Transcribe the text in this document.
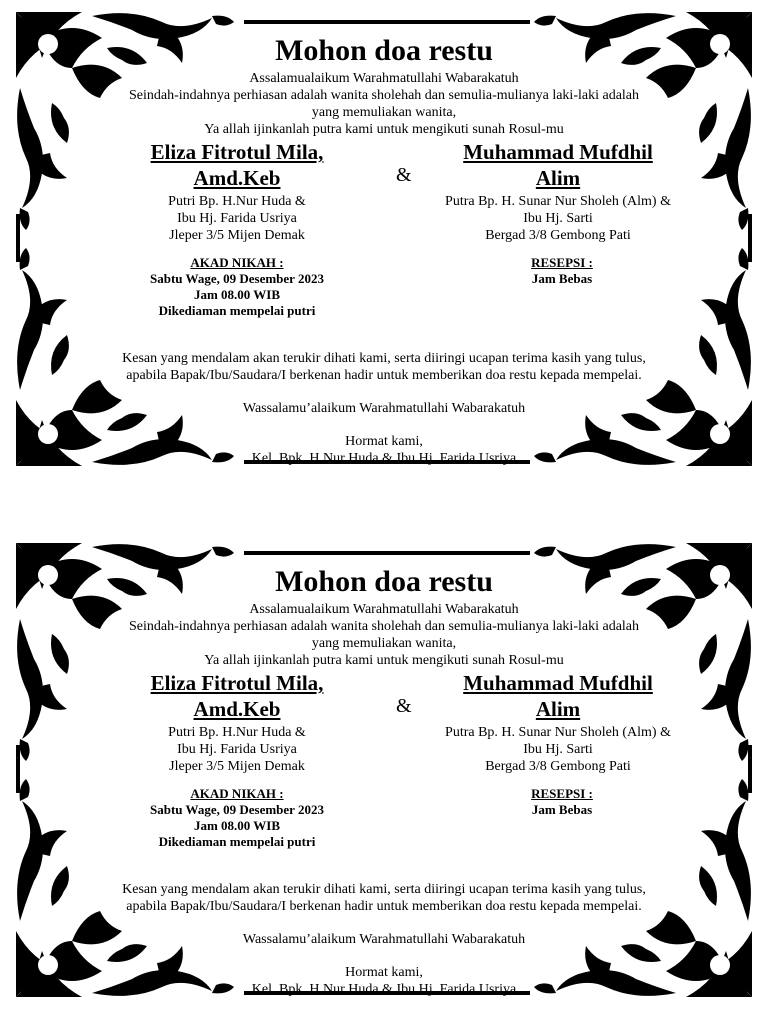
Mohon doa restu
Assalamualaikum Warahmatullahi Wabarakatuh
Seindah-indahnya perhiasan adalah wanita sholehah dan semulia-mulianya laki-laki adalah
yang memuliakan wanita,
Ya allah ijinkanlah putra kami untuk mengikuti sunah Rosul-mu
Eliza Fitrotul Mila,
Amd.Keb
Putri Bp. H.Nur Huda &
Ibu Hj. Farida Usriya
Jleper 3/5 Mijen Demak
&
Muhammad Mufdhil
Alim
Putra Bp. H. Sunar Nur Sholeh (Alm) &
Ibu Hj. Sarti
Bergad 3/8 Gembong Pati
AKAD NIKAH :
Sabtu Wage, 09 Desember 2023
Jam 08.00 WIB
Dikediaman mempelai putri
RESEPSI :
Jam Bebas
Kesan yang mendalam akan terukir dihati kami, serta diiringi ucapan terima kasih yang tulus,
apabila Bapak/Ibu/Saudara/I berkenan hadir untuk memberikan doa restu kepada mempelai.
Wassalamu’alaikum Warahmatullahi Wabarakatuh
Hormat kami,
Kel. Bpk. H.Nur Huda & Ibu Hj. Farida Usriya
Mohon doa restu
Assalamualaikum Warahmatullahi Wabarakatuh
Seindah-indahnya perhiasan adalah wanita sholehah dan semulia-mulianya laki-laki adalah
yang memuliakan wanita,
Ya allah ijinkanlah putra kami untuk mengikuti sunah Rosul-mu
Eliza Fitrotul Mila,
Amd.Keb
Putri Bp. H.Nur Huda &
Ibu Hj. Farida Usriya
Jleper 3/5 Mijen Demak
&
Muhammad Mufdhil
Alim
Putra Bp. H. Sunar Nur Sholeh (Alm) &
Ibu Hj. Sarti
Bergad 3/8 Gembong Pati
AKAD NIKAH :
Sabtu Wage, 09 Desember 2023
Jam 08.00 WIB
Dikediaman mempelai putri
RESEPSI :
Jam Bebas
Kesan yang mendalam akan terukir dihati kami, serta diiringi ucapan terima kasih yang tulus,
apabila Bapak/Ibu/Saudara/I berkenan hadir untuk memberikan doa restu kepada mempelai.
Wassalamu’alaikum Warahmatullahi Wabarakatuh
Hormat kami,
Kel. Bpk. H.Nur Huda & Ibu Hj. Farida Usriya
